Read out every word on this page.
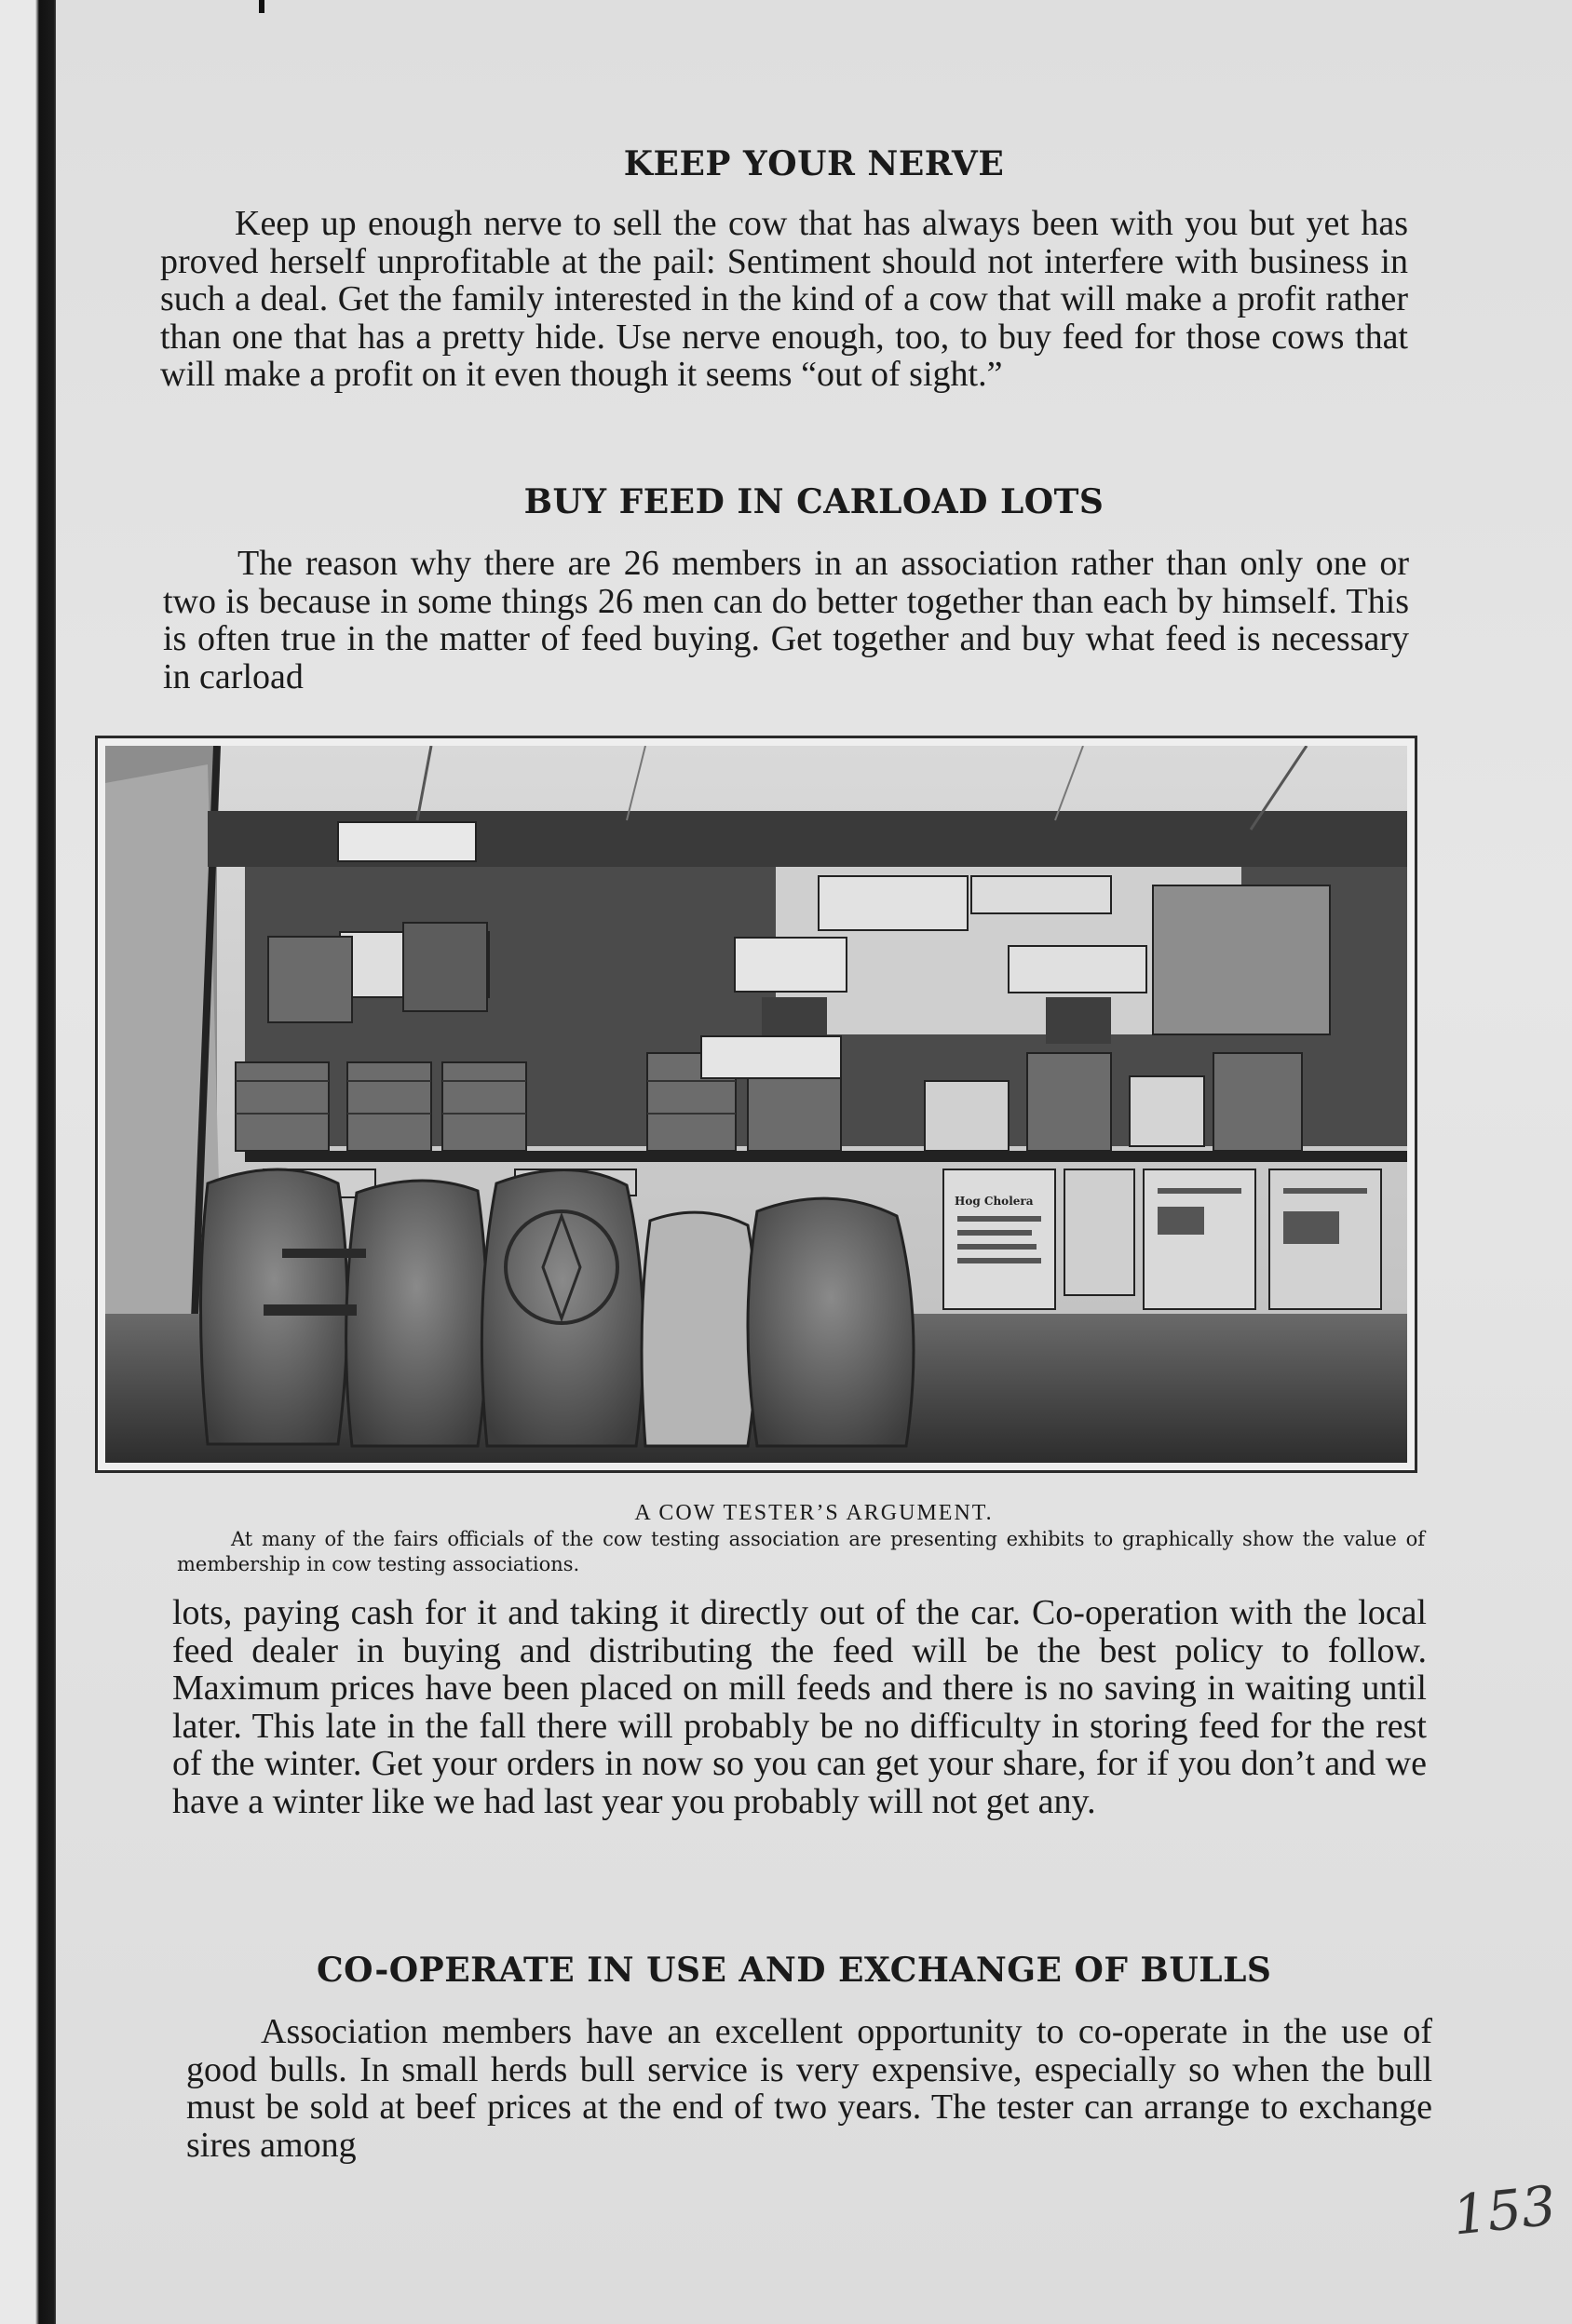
KEEP YOUR NERVE

Keep up enough nerve to sell the cow that has always been with you but yet has proved herself unprofitable at the pail: Sentiment should not interfere with business in such a deal. Get the family interested in the kind of a cow that will make a profit rather than one that has a pretty hide. Use nerve enough, too, to buy feed for those cows that will make a profit on it even though it seems “out of sight.”

BUY FEED IN CARLOAD LOTS

The reason why there are 26 members in an association rather than only one or two is because in some things 26 men can do better together than each by himself. This is often true in the matter of feed buying. Get together and buy what feed is necessary in carload

Hog Cholera
A COW TESTER’S ARGUMENT.

At many of the fairs officials of the cow testing association are presenting exhibits to graphically show the value of membership in cow testing associations.

lots, paying cash for it and taking it directly out of the car. Co-operation with the local feed dealer in buying and distributing the feed will be the best policy to follow. Maximum prices have been placed on mill feeds and there is no saving in waiting until later. This late in the fall there will probably be no difficulty in storing feed for the rest of the winter. Get your orders in now so you can get your share, for if you don’t and we have a winter like we had last year you probably will not get any.

CO-OPERATE IN USE AND EXCHANGE OF BULLS

Association members have an excellent opportunity to co-operate in the use of good bulls. In small herds bull service is very expensive, especially so when the bull must be sold at beef prices at the end of two years. The tester can arrange to exchange sires among

153
